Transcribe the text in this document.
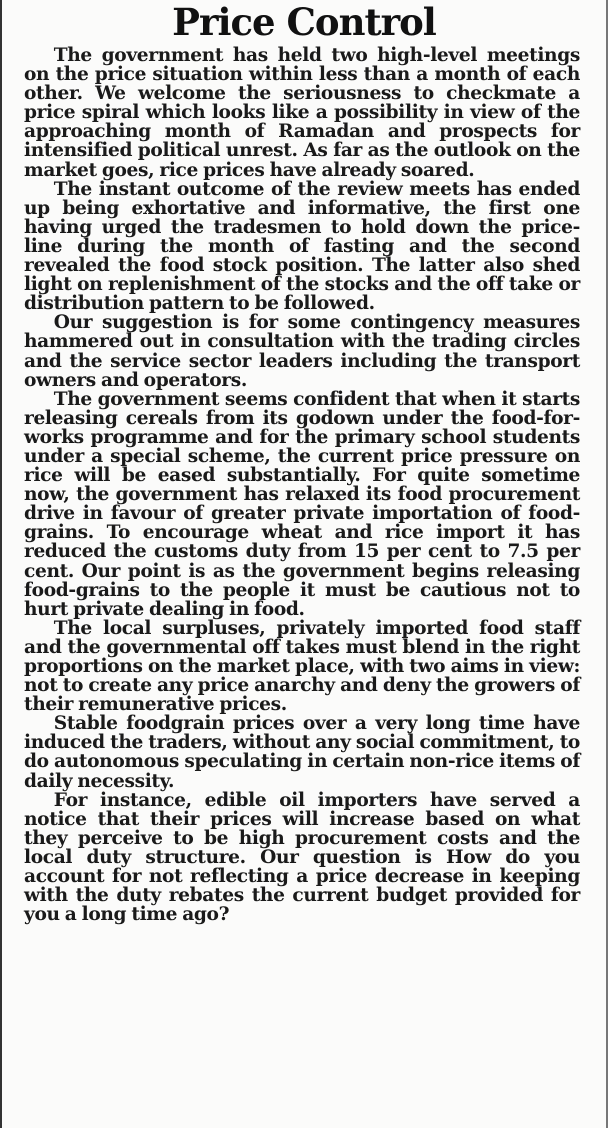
Price Control

The government has held two high-level meetings on the price situation within less than a month of each other. We welcome the seriousness to checkmate a price spiral which looks like a possibility in view of the approaching month of Ramadan and prospects for intensified political unrest. As far as the outlook on the market goes, rice prices have already soared.

The instant outcome of the review meets has ended up being exhortative and informative, the first one having urged the tradesmen to hold down the price-line during the month of fasting and the second revealed the food stock position. The latter also shed light on replenishment of the stocks and the off take or distribution pattern to be followed.

Our suggestion is for some contingency measures hammered out in consultation with the trading circles and the service sector leaders including the transport owners and operators.

The government seems confident that when it starts releasing cereals from its godown under the food-for-works programme and for the primary school students under a special scheme, the current price pressure on rice will be eased substantially. For quite sometime now, the government has relaxed its food procurement drive in favour of greater private importation of food-grains. To encourage wheat and rice import it has reduced the customs duty from 15 per cent to 7.5 per cent. Our point is as the government begins releasing food-grains to the people it must be cautious not to hurt private dealing in food.

The local surpluses, privately imported food staff and the governmental off takes must blend in the right proportions on the market place, with two aims in view: not to create any price anarchy and deny the growers of their remunerative prices.

Stable foodgrain prices over a very long time have induced the traders, without any social commitment, to do autonomous speculating in certain non-rice items of daily necessity.

For instance, edible oil importers have served a notice that their prices will increase based on what they perceive to be high procurement costs and the local duty structure. Our question is How do you account for not reflecting a price decrease in keeping with the duty rebates the current budget provided for you a long time ago?
